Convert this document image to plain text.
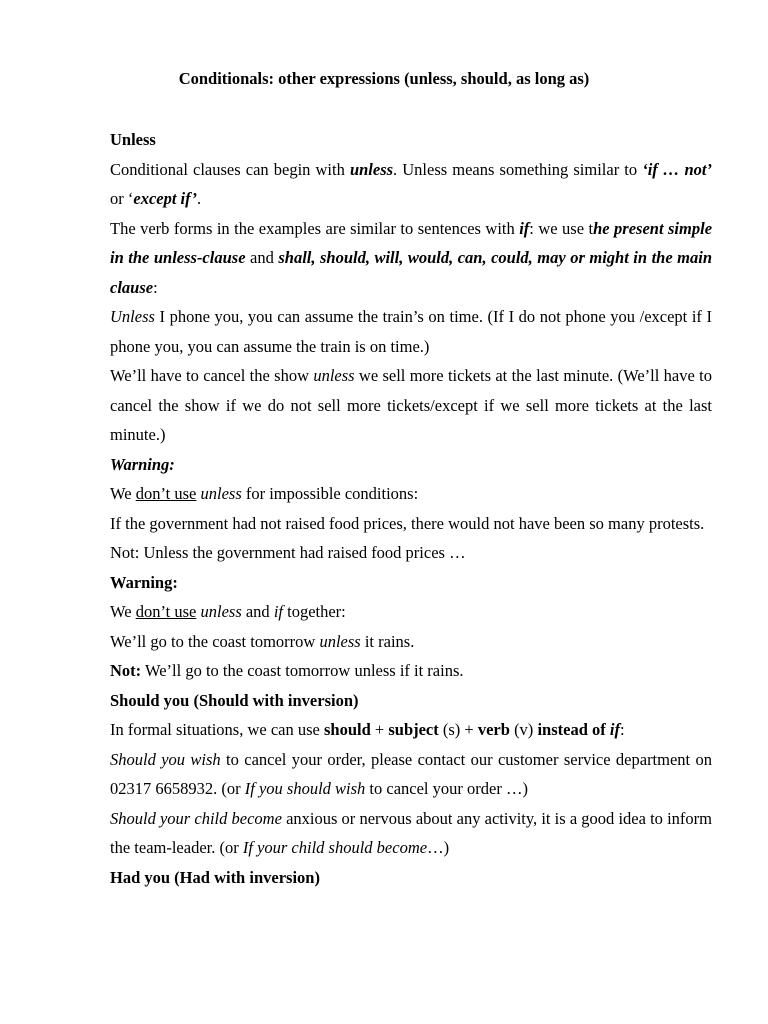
Conditionals: other expressions (unless, should, as long as)

Unless

Conditional clauses can begin with unless. Unless means something similar to ‘if … not’ or ‘except if’.

The verb forms in the examples are similar to sentences with if: we use the present simple in the unless-clause and shall, should, will, would, can, could, may or might in the main clause:

Unless I phone you, you can assume the train’s on time. (If I do not phone you /except if I phone you, you can assume the train is on time.)

We’ll have to cancel the show unless we sell more tickets at the last minute. (We’ll have to cancel the show if we do not sell more tickets/except if we sell more tickets at the last minute.)

Warning:

We don’t use unless for impossible conditions:

If the government had not raised food prices, there would not have been so many protests.

Not: Unless the government had raised food prices …

Warning:

We don’t use unless and if together:

We’ll go to the coast tomorrow unless it rains.

Not: We’ll go to the coast tomorrow unless if it rains.

Should you (Should with inversion)

In formal situations, we can use should + subject (s) + verb (v) instead of if:

Should you wish to cancel your order, please contact our customer service department on 02317 6658932. (or If you should wish to cancel your order …)

Should your child become anxious or nervous about any activity, it is a good idea to inform the team-leader. (or If your child should become…)

Had you (Had with inversion)
